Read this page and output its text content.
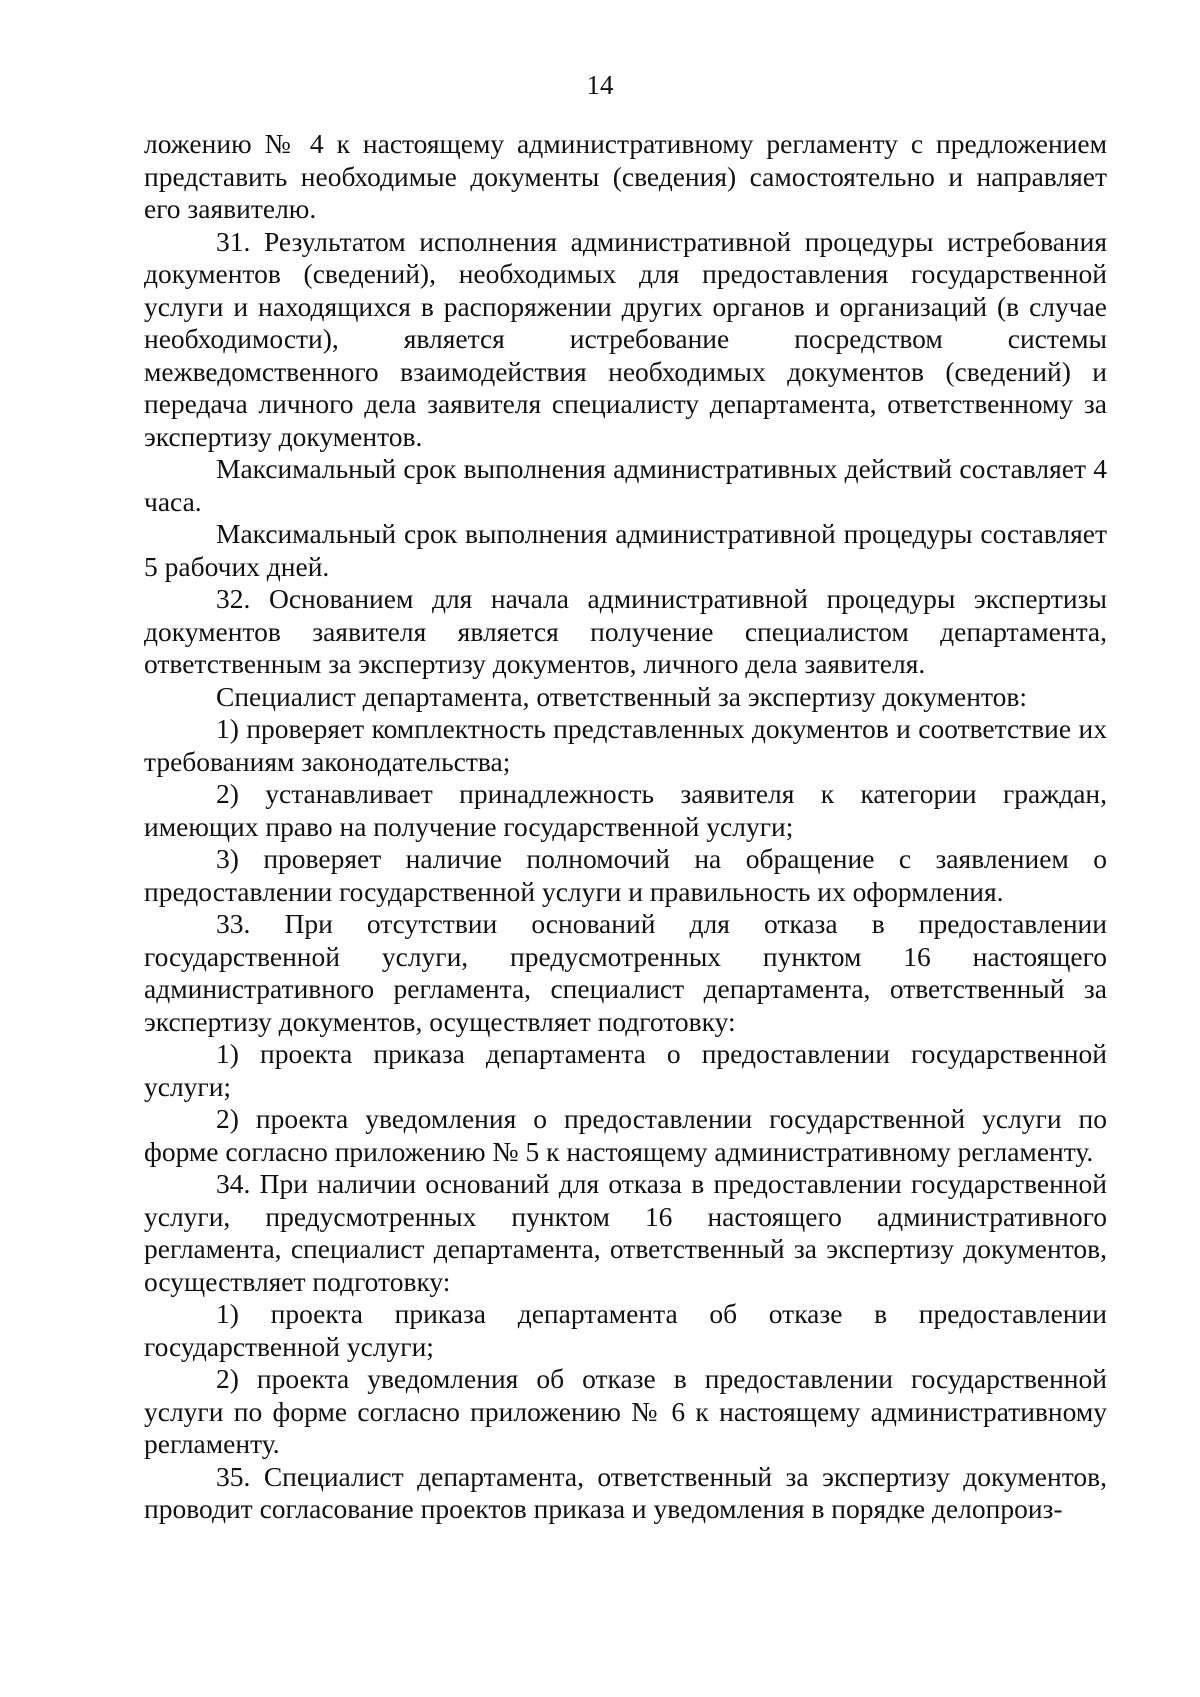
14

ложению № 4 к настоящему административному регламенту с предложением представить необходимые документы (сведения) самостоятельно и направляет его заявителю.

31. Результатом исполнения административной процедуры истребования документов (сведений), необходимых для предоставления государственной услуги и находящихся в распоряжении других органов и организаций (в случае необходимости), является истребование посредством системы межведомственного взаимодействия необходимых документов (сведений) и передача личного дела заявителя специалисту департамента, ответственному за экспертизу документов.

Максимальный срок выполнения административных действий составляет 4 часа.

Максимальный срок выполнения административной процедуры составляет 5 рабочих дней.

32. Основанием для начала административной процедуры экспертизы документов заявителя является получение специалистом департамента, ответственным за экспертизу документов, личного дела заявителя.

Специалист департамента, ответственный за экспертизу документов:

1) проверяет комплектность представленных документов и соответствие их требованиям законодательства;

2) устанавливает принадлежность заявителя к категории граждан, имеющих право на получение государственной услуги;

3) проверяет наличие полномочий на обращение с заявлением о предоставлении государственной услуги и правильность их оформления.

33. При отсутствии оснований для отказа в предоставлении государственной услуги, предусмотренных пунктом 16 настоящего административного регламента, специалист департамента, ответственный за экспертизу документов, осуществляет подготовку:

1) проекта приказа департамента о предоставлении государственной услуги;

2) проекта уведомления о предоставлении государственной услуги по форме согласно приложению № 5 к настоящему административному регламенту.

34. При наличии оснований для отказа в предоставлении государственной услуги, предусмотренных пунктом 16 настоящего административного регламента, специалист департамента, ответственный за экспертизу документов, осуществляет подготовку:

1) проекта приказа департамента об отказе в предоставлении государственной услуги;

2) проекта уведомления об отказе в предоставлении государственной услуги по форме согласно приложению № 6 к настоящему административному регламенту.

35. Специалист департамента, ответственный за экспертизу документов, проводит согласование проектов приказа и уведомления в порядке делопроиз-
